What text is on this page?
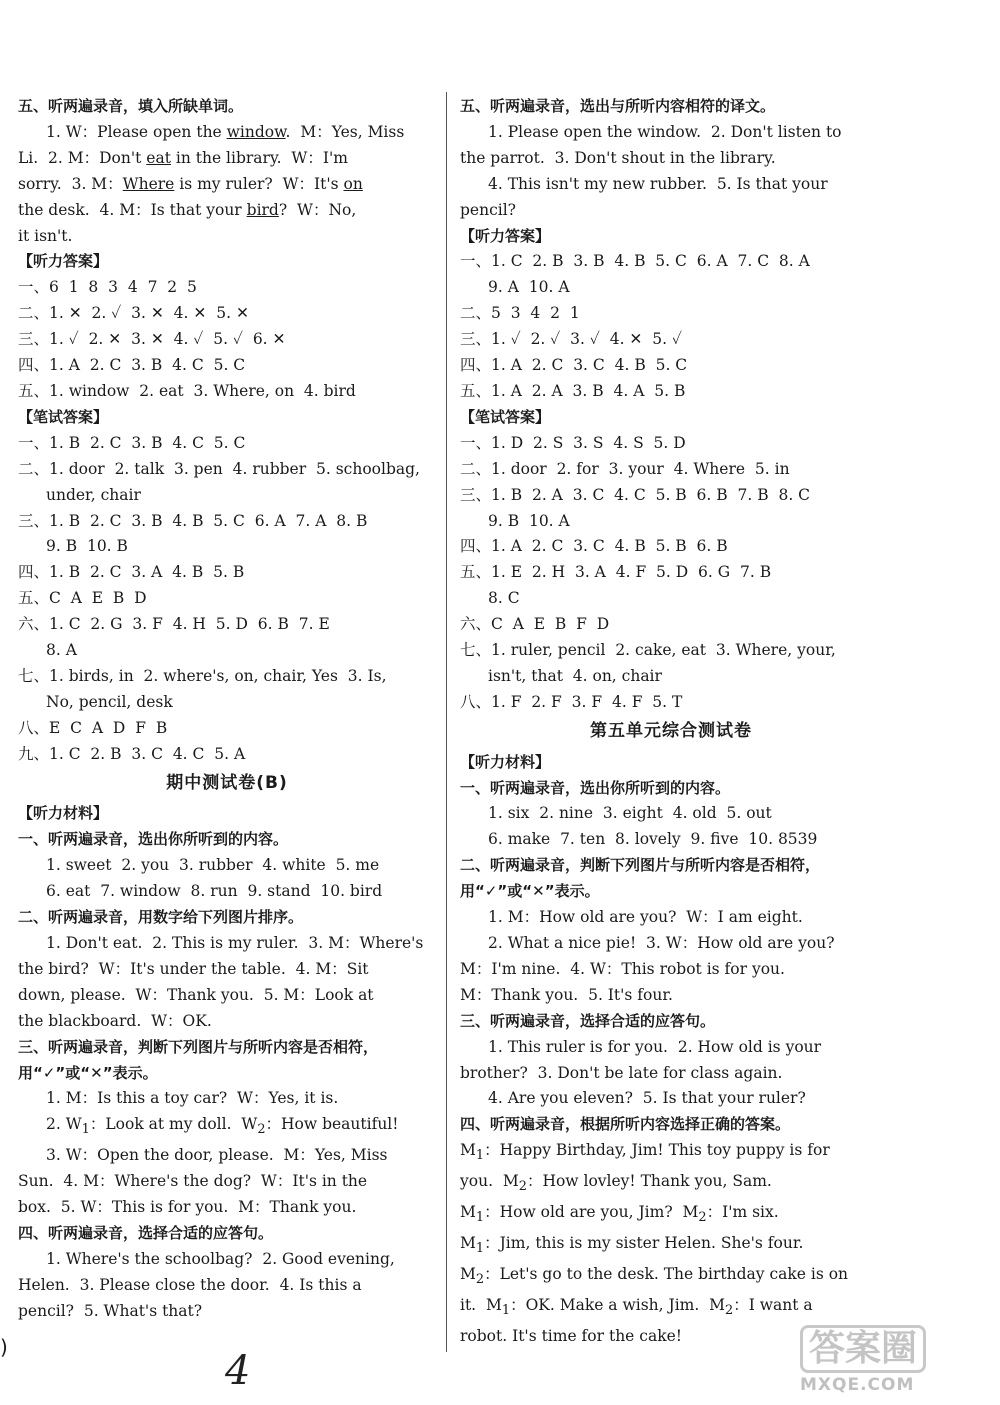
五、听两遍录音，填入所缺单词。
1. W：Please open the window.  M：Yes, Miss
Li.  2. M：Don't eat in the library.  W：I'm
sorry.  3. M：Where is my ruler?  W：It's on
the desk.  4. M：Is that your bird?  W：No,
it isn't.
【听力答案】
一、6  1  8  3  4  7  2  5
二、1. ✕  2. ✓  3. ✕  4. ✕  5. ✕
三、1. ✓  2. ✕  3. ✕  4. ✓  5. ✓  6. ✕
四、1. A  2. C  3. B  4. C  5. C
五、1. window  2. eat  3. Where, on  4. bird
【笔试答案】
一、1. B  2. C  3. B  4. C  5. C
二、1. door  2. talk  3. pen  4. rubber  5. schoolbag,
under, chair
三、1. B  2. C  3. B  4. B  5. C  6. A  7. A  8. B
9. B  10. B
四、1. B  2. C  3. A  4. B  5. B
五、C  A  E  B  D
六、1. C  2. G  3. F  4. H  5. D  6. B  7. E
8. A
七、1. birds, in  2. where's, on, chair, Yes  3. Is,
No, pencil, desk
八、E  C  A  D  F  B
九、1. C  2. B  3. C  4. C  5. A
期中测试卷(B)
【听力材料】
一、听两遍录音，选出你所听到的内容。
1. sweet  2. you  3. rubber  4. white  5. me
6. eat  7. window  8. run  9. stand  10. bird
二、听两遍录音，用数字给下列图片排序。
1. Don't eat.  2. This is my ruler.  3. M：Where's
the bird?  W：It's under the table.  4. M：Sit
down, please.  W：Thank you.  5. M：Look at
the blackboard.  W：OK.
三、听两遍录音，判断下列图片与所听内容是否相符，
用“✓”或“✕”表示。
1. M：Is this a toy car?  W：Yes, it is.
2. $W_1$：Look at my doll.  $W_2$：How beautiful!
3. W：Open the door, please.  M：Yes, Miss
Sun.  4. M：Where's the dog?  W：It's in the
box.  5. W：This is for you.  M：Thank you.
四、听两遍录音，选择合适的应答句。
1. Where's the schoolbag?  2. Good evening,
Helen.  3. Please close the door.  4. Is this a
pencil?  5. What's that?
五、听两遍录音，选出与所听内容相符的译文。
1. Please open the window.  2. Don't listen to
the parrot.  3. Don't shout in the library.
4. This isn't my new rubber.  5. Is that your
pencil?
【听力答案】
一、1. C  2. B  3. B  4. B  5. C  6. A  7. C  8. A
9. A  10. A
二、5  3  4  2  1
三、1. ✓  2. ✓  3. ✓  4. ✕  5. ✓
四、1. A  2. C  3. C  4. B  5. C
五、1. A  2. A  3. B  4. A  5. B
【笔试答案】
一、1. D  2. S  3. S  4. S  5. D
二、1. door  2. for  3. your  4. Where  5. in
三、1. B  2. A  3. C  4. C  5. B  6. B  7. B  8. C
9. B  10. A
四、1. A  2. C  3. C  4. B  5. B  6. B
五、1. E  2. H  3. A  4. F  5. D  6. G  7. B
8. C
六、C  A  E  B  F  D
七、1. ruler, pencil  2. cake, eat  3. Where, your,
isn't, that  4. on, chair
八、1. F  2. F  3. F  4. F  5. T
第五单元综合测试卷
【听力材料】
一、听两遍录音，选出你所听到的内容。
1. six  2. nine  3. eight  4. old  5. out
6. make  7. ten  8. lovely  9. five  10. 8539
二、听两遍录音，判断下列图片与所听内容是否相符，
用“✓”或“✕”表示。
1. M：How old are you?  W：I am eight.
2. What a nice pie!  3. W：How old are you?
M：I'm nine.  4. W：This robot is for you.
M：Thank you.  5. It's four.
三、听两遍录音，选择合适的应答句。
1. This ruler is for you.  2. How old is your
brother?  3. Don't be late for class again.
4. Are you eleven?  5. Is that your ruler?
四、听两遍录音，根据所听内容选择正确的答案。
$M_1$：Happy Birthday, Jim! This toy puppy is for
you.  $M_2$：How lovley! Thank you, Sam.
$M_1$：How old are you, Jim?  $M_2$：I'm six.
$M_1$：Jim, this is my sister Helen. She's four.
$M_2$：Let's go to the desk. The birthday cake is on
it.  $M_1$：OK. Make a wish, Jim.  $M_2$：I want a
robot. It's time for the cake!
)
4	答案圈
MXQE.COM
